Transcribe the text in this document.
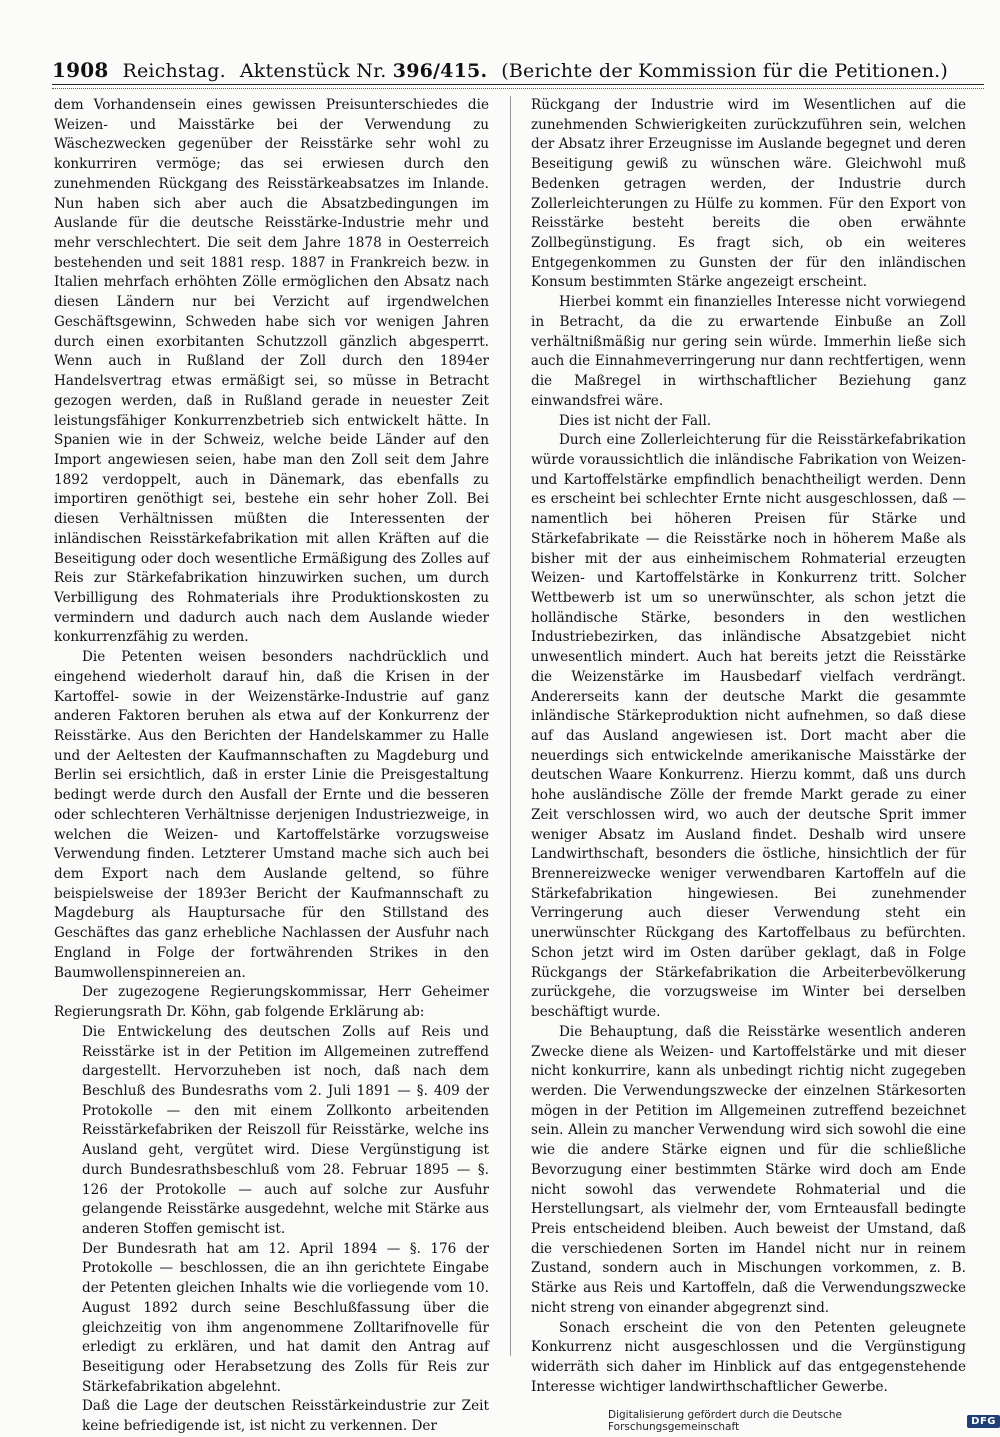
1908 Reichstag. Aktenstück Nr. 396/415. (Berichte der Kommission für die Petitionen.)

dem Vorhandensein eines gewissen Preisunterschiedes die Weizen- und Maisstärke bei der Verwendung zu Wäschezwecken gegenüber der Reisstärke sehr wohl zu konkurriren vermöge; das sei erwiesen durch den zunehmenden Rückgang des Reisstärkeabsatzes im Inlande. Nun haben sich aber auch die Absatzbedingungen im Auslande für die deutsche Reisstärke-Industrie mehr und mehr verschlechtert. Die seit dem Jahre 1878 in Oesterreich bestehenden und seit 1881 resp. 1887 in Frankreich bezw. in Italien mehrfach erhöhten Zölle ermöglichen den Absatz nach diesen Ländern nur bei Verzicht auf irgendwelchen Geschäftsgewinn, Schweden habe sich vor wenigen Jahren durch einen exorbitanten Schutzzoll gänzlich abgesperrt. Wenn auch in Rußland der Zoll durch den 1894er Handelsvertrag etwas ermäßigt sei, so müsse in Betracht gezogen werden, daß in Rußland gerade in neuester Zeit leistungsfähiger Konkurrenzbetrieb sich entwickelt hätte. In Spanien wie in der Schweiz, welche beide Länder auf den Import angewiesen seien, habe man den Zoll seit dem Jahre 1892 verdoppelt, auch in Dänemark, das ebenfalls zu importiren genöthigt sei, bestehe ein sehr hoher Zoll. Bei diesen Verhältnissen müßten die Interessenten der inländischen Reisstärkefabrikation mit allen Kräften auf die Beseitigung oder doch wesentliche Ermäßigung des Zolles auf Reis zur Stärkefabrikation hinzuwirken suchen, um durch Verbilligung des Rohmaterials ihre Produktionskosten zu vermindern und dadurch auch nach dem Auslande wieder konkurrenzfähig zu werden.

Die Petenten weisen besonders nachdrücklich und eingehend wiederholt darauf hin, daß die Krisen in der Kartoffel- sowie in der Weizenstärke-Industrie auf ganz anderen Faktoren beruhen als etwa auf der Konkurrenz der Reisstärke. Aus den Berichten der Handelskammer zu Halle und der Aeltesten der Kaufmannschaften zu Magdeburg und Berlin sei ersichtlich, daß in erster Linie die Preisgestaltung bedingt werde durch den Ausfall der Ernte und die besseren oder schlechteren Verhältnisse derjenigen Industriezweige, in welchen die Weizen- und Kartoffelstärke vorzugsweise Verwendung finden. Letzterer Umstand mache sich auch bei dem Export nach dem Auslande geltend, so führe beispielsweise der 1893er Bericht der Kaufmannschaft zu Magdeburg als Hauptursache für den Stillstand des Geschäftes das ganz erhebliche Nachlassen der Ausfuhr nach England in Folge der fortwährenden Strikes in den Baumwollenspinnereien an.

Der zugezogene Regierungskommissar, Herr Geheimer Regierungsrath Dr. Köhn, gab folgende Erklärung ab:

Die Entwickelung des deutschen Zolls auf Reis und Reisstärke ist in der Petition im Allgemeinen zutreffend dargestellt. Hervorzuheben ist noch, daß nach dem Beschluß des Bundesraths vom 2. Juli 1891 — §. 409 der Protokolle — den mit einem Zollkonto arbeitenden Reisstärkefabriken der Reiszoll für Reisstärke, welche ins Ausland geht, vergütet wird. Diese Vergünstigung ist durch Bundesrathsbeschluß vom 28. Februar 1895 — §. 126 der Protokolle — auch auf solche zur Ausfuhr gelangende Reisstärke ausgedehnt, welche mit Stärke aus anderen Stoffen gemischt ist.

Der Bundesrath hat am 12. April 1894 — §. 176 der Protokolle — beschlossen, die an ihn gerichtete Eingabe der Petenten gleichen Inhalts wie die vorliegende vom 10. August 1892 durch seine Beschlußfassung über die gleichzeitig von ihm angenommene Zolltarifnovelle für erledigt zu erklären, und hat damit den Antrag auf Beseitigung oder Herabsetzung des Zolls für Reis zur Stärkefabrikation abgelehnt.

Daß die Lage der deutschen Reisstärkeindustrie zur Zeit keine befriedigende ist, ist nicht zu verkennen. Der

Rückgang der Industrie wird im Wesentlichen auf die zunehmenden Schwierigkeiten zurückzuführen sein, welchen der Absatz ihrer Erzeugnisse im Auslande begegnet und deren Beseitigung gewiß zu wünschen wäre. Gleichwohl muß Bedenken getragen werden, der Industrie durch Zollerleichterungen zu Hülfe zu kommen. Für den Export von Reisstärke besteht bereits die oben erwähnte Zollbegünstigung. Es fragt sich, ob ein weiteres Entgegenkommen zu Gunsten der für den inländischen Konsum bestimmten Stärke angezeigt erscheint.

Hierbei kommt ein finanzielles Interesse nicht vorwiegend in Betracht, da die zu erwartende Einbuße an Zoll verhältnißmäßig nur gering sein würde. Immerhin ließe sich auch die Einnahmeverringerung nur dann rechtfertigen, wenn die Maßregel in wirthschaftlicher Beziehung ganz einwandsfrei wäre.

Dies ist nicht der Fall.

Durch eine Zollerleichterung für die Reisstärkefabrikation würde voraussichtlich die inländische Fabrikation von Weizen- und Kartoffelstärke empfindlich benachtheiligt werden. Denn es erscheint bei schlechter Ernte nicht ausgeschlossen, daß — namentlich bei höheren Preisen für Stärke und Stärkefabrikate — die Reisstärke noch in höherem Maße als bisher mit der aus einheimischem Rohmaterial erzeugten Weizen- und Kartoffelstärke in Konkurrenz tritt. Solcher Wettbewerb ist um so unerwünschter, als schon jetzt die holländische Stärke, besonders in den westlichen Industriebezirken, das inländische Absatzgebiet nicht unwesentlich mindert. Auch hat bereits jetzt die Reisstärke die Weizenstärke im Hausbedarf vielfach verdrängt. Andererseits kann der deutsche Markt die gesammte inländische Stärkeproduktion nicht aufnehmen, so daß diese auf das Ausland angewiesen ist. Dort macht aber die neuerdings sich entwickelnde amerikanische Maisstärke der deutschen Waare Konkurrenz. Hierzu kommt, daß uns durch hohe ausländische Zölle der fremde Markt gerade zu einer Zeit verschlossen wird, wo auch der deutsche Sprit immer weniger Absatz im Ausland findet. Deshalb wird unsere Landwirthschaft, besonders die östliche, hinsichtlich der für Brennereizwecke weniger verwendbaren Kartoffeln auf die Stärkefabrikation hingewiesen. Bei zunehmender Verringerung auch dieser Verwendung steht ein unerwünschter Rückgang des Kartoffelbaus zu befürchten. Schon jetzt wird im Osten darüber geklagt, daß in Folge Rückgangs der Stärkefabrikation die Arbeiterbevölkerung zurückgehe, die vorzugsweise im Winter bei derselben beschäftigt wurde.

Die Behauptung, daß die Reisstärke wesentlich anderen Zwecke diene als Weizen- und Kartoffelstärke und mit dieser nicht konkurrire, kann als unbedingt richtig nicht zugegeben werden. Die Verwendungszwecke der einzelnen Stärkesorten mögen in der Petition im Allgemeinen zutreffend bezeichnet sein. Allein zu mancher Verwendung wird sich sowohl die eine wie die andere Stärke eignen und für die schließliche Bevorzugung einer bestimmten Stärke wird doch am Ende nicht sowohl das verwendete Rohmaterial und die Herstellungsart, als vielmehr der, vom Ernteausfall bedingte Preis entscheidend bleiben. Auch beweist der Umstand, daß die verschiedenen Sorten im Handel nicht nur in reinem Zustand, sondern auch in Mischungen vorkommen, z. B. Stärke aus Reis und Kartoffeln, daß die Verwendungszwecke nicht streng von einander abgegrenzt sind.

Sonach erscheint die von den Petenten geleugnete Konkurrenz nicht ausgeschlossen und die Vergünstigung widerräth sich daher im Hinblick auf das entgegenstehende Interesse wichtiger landwirthschaftlicher Gewerbe.

Digitalisierung gefördert durch die Deutsche Forschungsgemeinschaft	DFG
